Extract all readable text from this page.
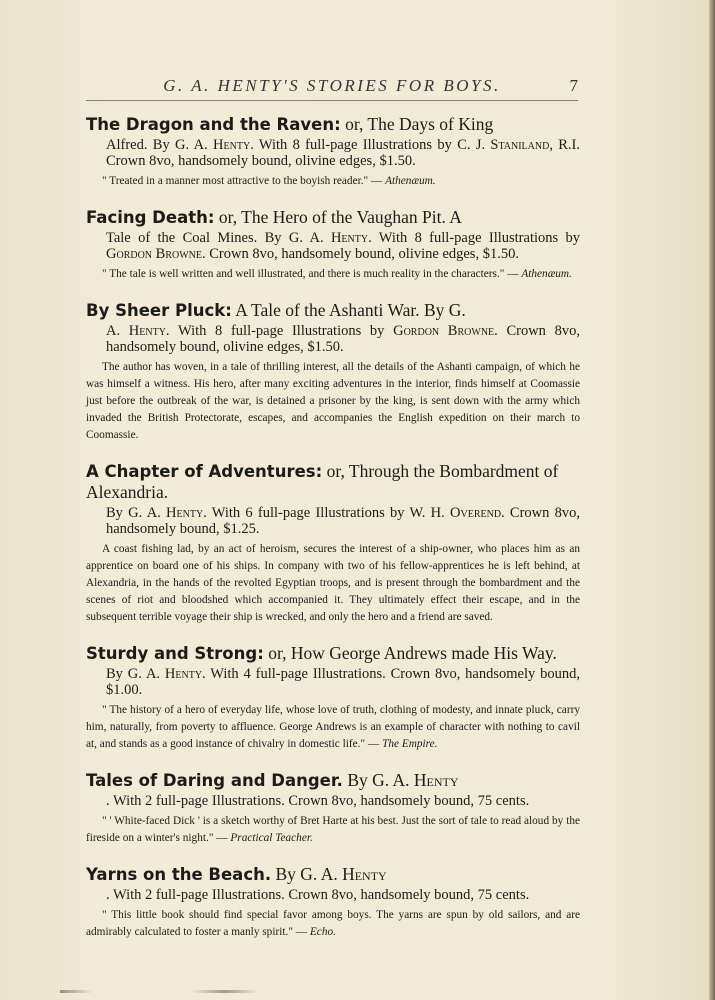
G. A. HENTY'S STORIES FOR BOYS.	7
The Dragon and the Raven: or, The Days of King
Alfred. By G. A. Henty. With 8 full-page Illustrations by C. J. Staniland, R.I. Crown 8vo, handsomely bound, olivine edges, $1.50.
" Treated in a manner most attractive to the boyish reader." — Athenæum.
Facing Death: or, The Hero of the Vaughan Pit. A
Tale of the Coal Mines. By G. A. Henty. With 8 full-page Illustrations by Gordon Browne. Crown 8vo, handsomely bound, olivine edges, $1.50.
" The tale is well written and well illustrated, and there is much reality in the characters." — Athenæum.
By Sheer Pluck: A Tale of the Ashanti War. By G.
A. Henty. With 8 full-page Illustrations by Gordon Browne. Crown 8vo, handsomely bound, olivine edges, $1.50.
The author has woven, in a tale of thrilling interest, all the details of the Ashanti campaign, of which he was himself a witness. His hero, after many exciting adventures in the interior, finds himself at Coomassie just before the outbreak of the war, is detained a prisoner by the king, is sent down with the army which invaded the British Protectorate, escapes, and accompanies the English expedition on their march to Coomassie.
A Chapter of Adventures: or, Through the Bombardment of Alexandria.
By G. A. Henty. With 6 full-page Illustrations by W. H. Overend. Crown 8vo, handsomely bound, $1.25.
A coast fishing lad, by an act of heroism, secures the interest of a ship-owner, who places him as an apprentice on board one of his ships. In company with two of his fellow-apprentices he is left behind, at Alexandria, in the hands of the revolted Egyptian troops, and is present through the bombardment and the scenes of riot and bloodshed which accompanied it. They ultimately effect their escape, and in the subsequent terrible voyage their ship is wrecked, and only the hero and a friend are saved.
Sturdy and Strong: or, How George Andrews made His Way.
By G. A. Henty. With 4 full-page Illustrations. Crown 8vo, handsomely bound, $1.00.
" The history of a hero of everyday life, whose love of truth, clothing of modesty, and innate pluck, carry him, naturally, from poverty to affluence. George Andrews is an example of character with nothing to cavil at, and stands as a good instance of chivalry in domestic life." — The Empire.
Tales of Daring and Danger. By G. A. Henty
. With 2 full-page Illustrations. Crown 8vo, handsomely bound, 75 cents.
" ' White-faced Dick ' is a sketch worthy of Bret Harte at his best. Just the sort of tale to read aloud by the fireside on a winter's night." — Practical Teacher.
Yarns on the Beach. By G. A. Henty
. With 2 full-page Illustrations. Crown 8vo, handsomely bound, 75 cents.
" This little book should find special favor among boys. The yarns are spun by old sailors, and are admirably calculated to foster a manly spirit." — Echo.
